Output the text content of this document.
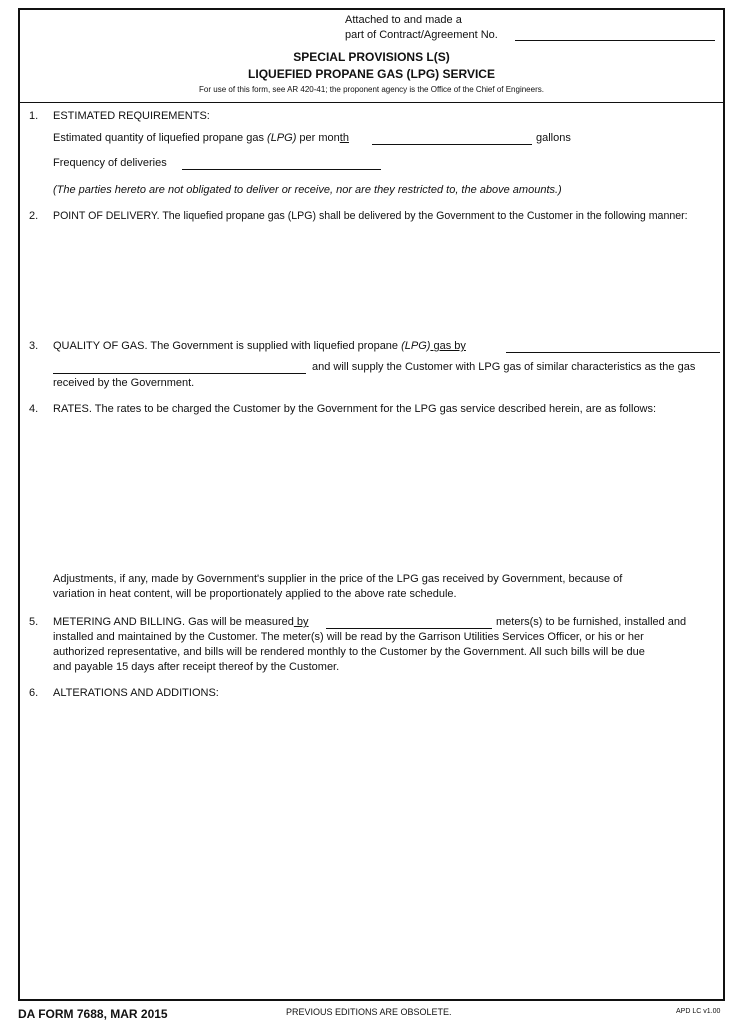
Attached to and made a
part of Contract/Agreement No.
SPECIAL PROVISIONS L(S)
LIQUEFIED PROPANE GAS (LPG) SERVICE
For use of this form, see AR 420-41; the proponent agency is the Office of the Chief of Engineers.
1. ESTIMATED REQUIREMENTS:
Estimated quantity of liquefied propane gas (LPG) per month	gallons
Frequency of deliveries
(The parties hereto are not obligated to deliver or receive, nor are they restricted to, the above amounts.)
2. POINT OF DELIVERY. The liquefied propane gas (LPG) shall be delivered by the Government to the Customer in the following manner:
3. QUALITY OF GAS. The Government is supplied with liquefied propane (LPG) gas by
and will supply the Customer with LPG gas of similar characteristics as the gas
received by the Government.
4. RATES. The rates to be charged the Customer by the Government for the LPG gas service described herein, are as follows:
Adjustments, if any, made by Government's supplier in the price of the LPG gas received by Government, because of
variation in heat content, will be proportionately applied to the above rate schedule.
5. METERING AND BILLING. Gas will be measured by	meters(s) to be furnished, installed and
installed and maintained by the Customer. The meter(s) will be read by the Garrison Utilities Services Officer, or his or her
authorized representative, and bills will be rendered monthly to the Customer by the Government. All such bills will be due
and payable 15 days after receipt thereof by the Customer.
6. ALTERATIONS AND ADDITIONS:
DA FORM 7688, MAR 2015	PREVIOUS EDITIONS ARE OBSOLETE.	APD LC v1.00
